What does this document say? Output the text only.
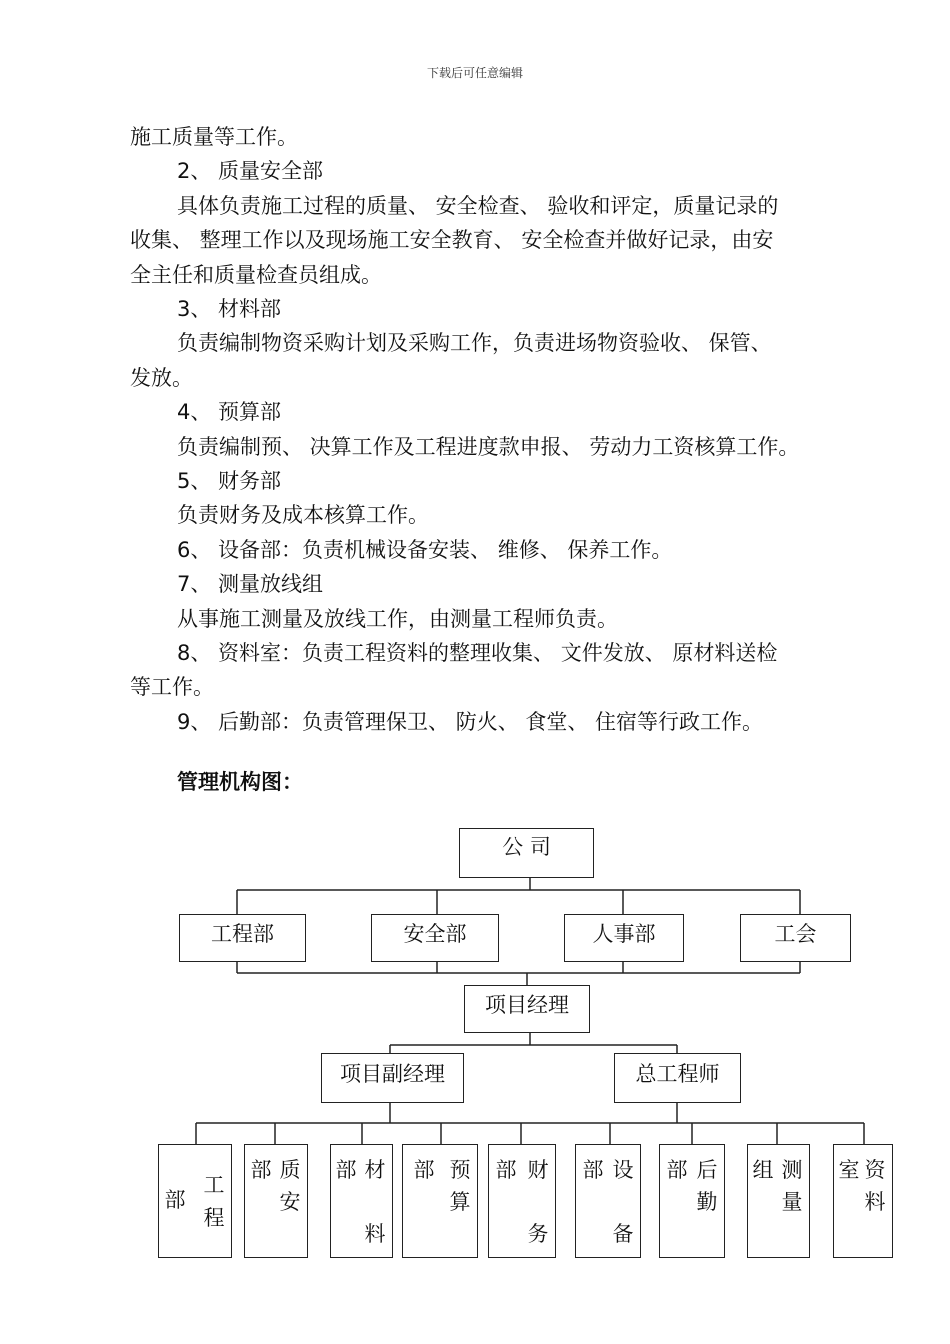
下载后可任意编辑
施工质量等工作。
2、 质量安全部
具体负责施工过程的质量、 安全检查、 验收和评定，质量记录的
收集、 整理工作以及现场施工安全教育、 安全检查并做好记录，由安
全主任和质量检查员组成。
3、 材料部
负责编制物资采购计划及采购工作，负责进场物资验收、 保管、
发放。
4、 预算部
负责编制预、 决算工作及工程进度款申报、 劳动力工资核算工作。
5、 财务部
负责财务及成本核算工作。
6、 设备部：负责机械设备安装、 维修、 保养工作。
7、 测量放线组
从事施工测量及放线工作，由测量工程师负责。
8、 资料室：负责工程资料的整理收集、 文件发放、 原材料送检
等工作。
9、 后勤部：负责管理保卫、 防火、 食堂、 住宿等行政工作。
管理机构图：
公 司
工程部	安全部	人事部	工会
项目经理
项目副经理	总工程师
部
工
程
部 质
安
部 材
料
部 预
算
部 财
务
部 设
备
部 后
勤
组 测
量
室 资
料
